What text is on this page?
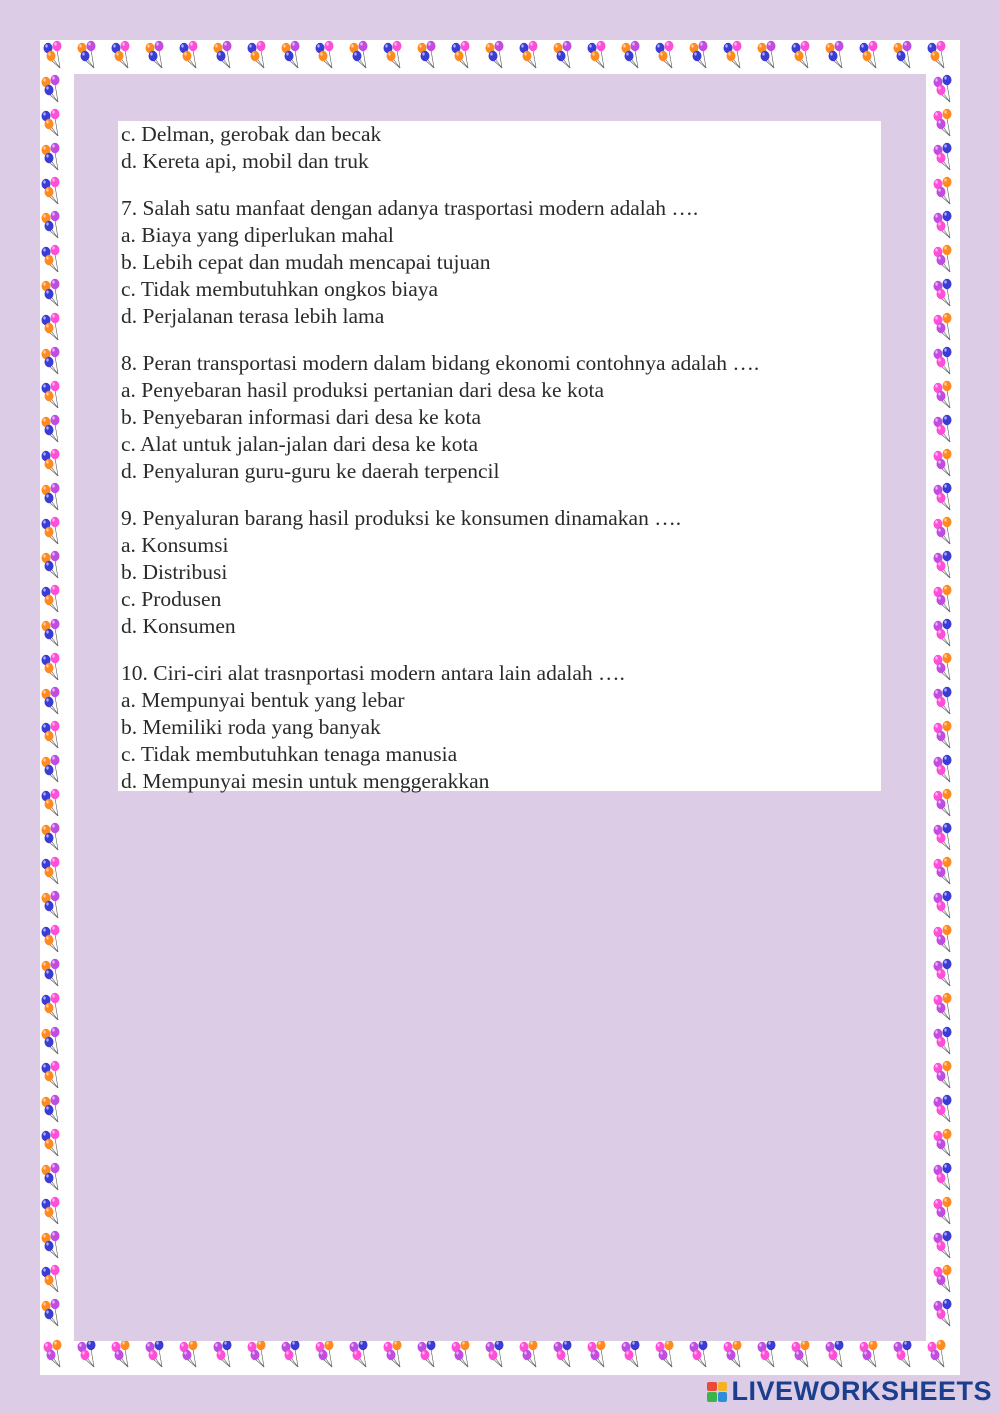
c. Delman, gerobak dan becak
d. Kereta api, mobil dan truk
7. Salah satu manfaat dengan adanya trasportasi modern adalah ….
a. Biaya yang diperlukan mahal
b. Lebih cepat dan mudah mencapai tujuan
c. Tidak membutuhkan ongkos biaya
d. Perjalanan terasa lebih lama
8. Peran transportasi modern dalam bidang ekonomi contohnya adalah ….
a. Penyebaran hasil produksi pertanian dari desa ke kota
b. Penyebaran informasi dari desa ke kota
c. Alat untuk jalan-jalan dari desa ke kota
d. Penyaluran guru-guru ke daerah terpencil
9. Penyaluran barang hasil produksi ke konsumen dinamakan ….
a. Konsumsi
b. Distribusi
c. Produsen
d. Konsumen
10. Ciri-ciri alat trasnportasi modern antara lain adalah ….
a. Mempunyai bentuk yang lebar
b. Memiliki roda yang banyak
c. Tidak membutuhkan tenaga manusia
d. Mempunyai mesin untuk menggerakkan
LIVEWORKSHEETS
